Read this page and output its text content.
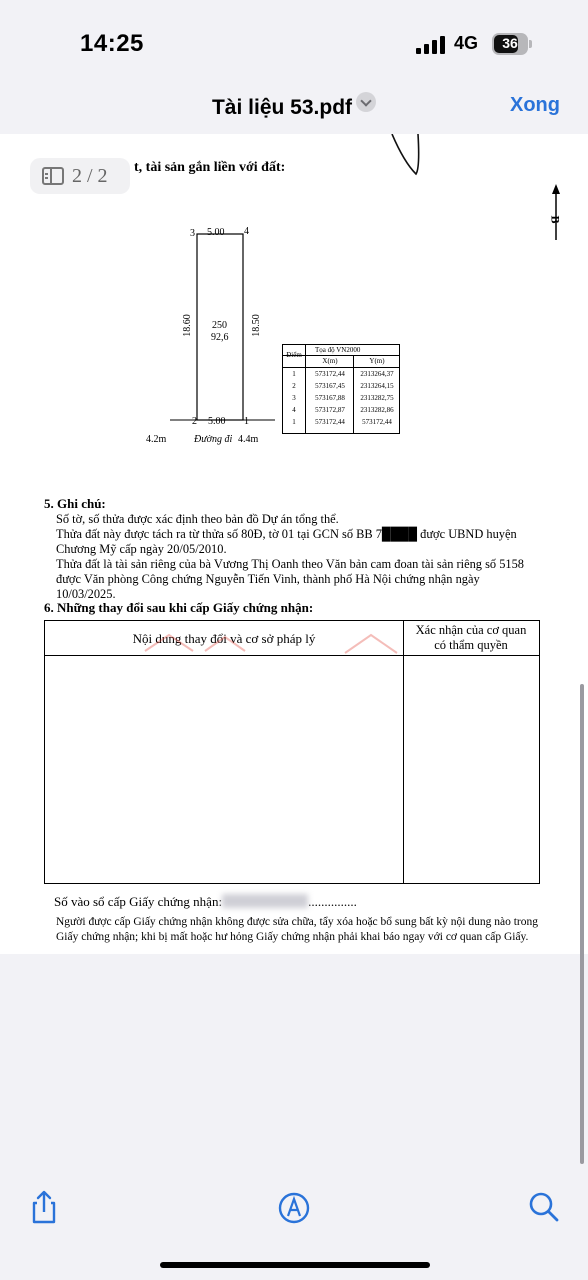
14:25	4G	36
Tài liệu 53.pdf	Xong
t, tài sản gắn liền với đất:
B
3	4
5.00
18.60	18.50
250
92,6
2 5.00 1
4.2m	Đường đi 4.4m
Tọa độ VN2000
Điểm
X(m)	Y(m)
1	573172,44	2313264,37
2	573167,45	2313264,15
3	573167,88	2313282,75
4	573172,87	2313282,86
1	573172,44	573172,44
5. Ghi chú:
Số tờ, số thửa được xác định theo bản đồ Dự án tổng thể.
Thửa đất này được tách ra từ thửa số 80Đ, tờ 01 tại GCN số BB 7████ được UBND huyện
Chương Mỹ cấp ngày 20/05/2010.
Thửa đất là tài sản riêng của bà Vương Thị Oanh theo Văn bản cam đoan tài sản riêng số 5158
được Văn phòng Công chứng Nguyễn Tiến Vinh, thành phố Hà Nội chứng nhận ngày
10/03/2025.
6. Những thay đổi sau khi cấp Giấy chứng nhận:
Nội dung thay đổi và cơ sở pháp lý
Xác nhận của cơ quan
có thẩm quyền
Số vào sổ cấp Giấy chứng nhận:	...............
Người được cấp Giấy chứng nhận không được sửa chữa, tẩy xóa hoặc bổ sung bất kỳ nội dung nào trong
Giấy chứng nhận; khi bị mất hoặc hư hỏng Giấy chứng nhận phải khai báo ngay với cơ quan cấp Giấy.
2 / 2
